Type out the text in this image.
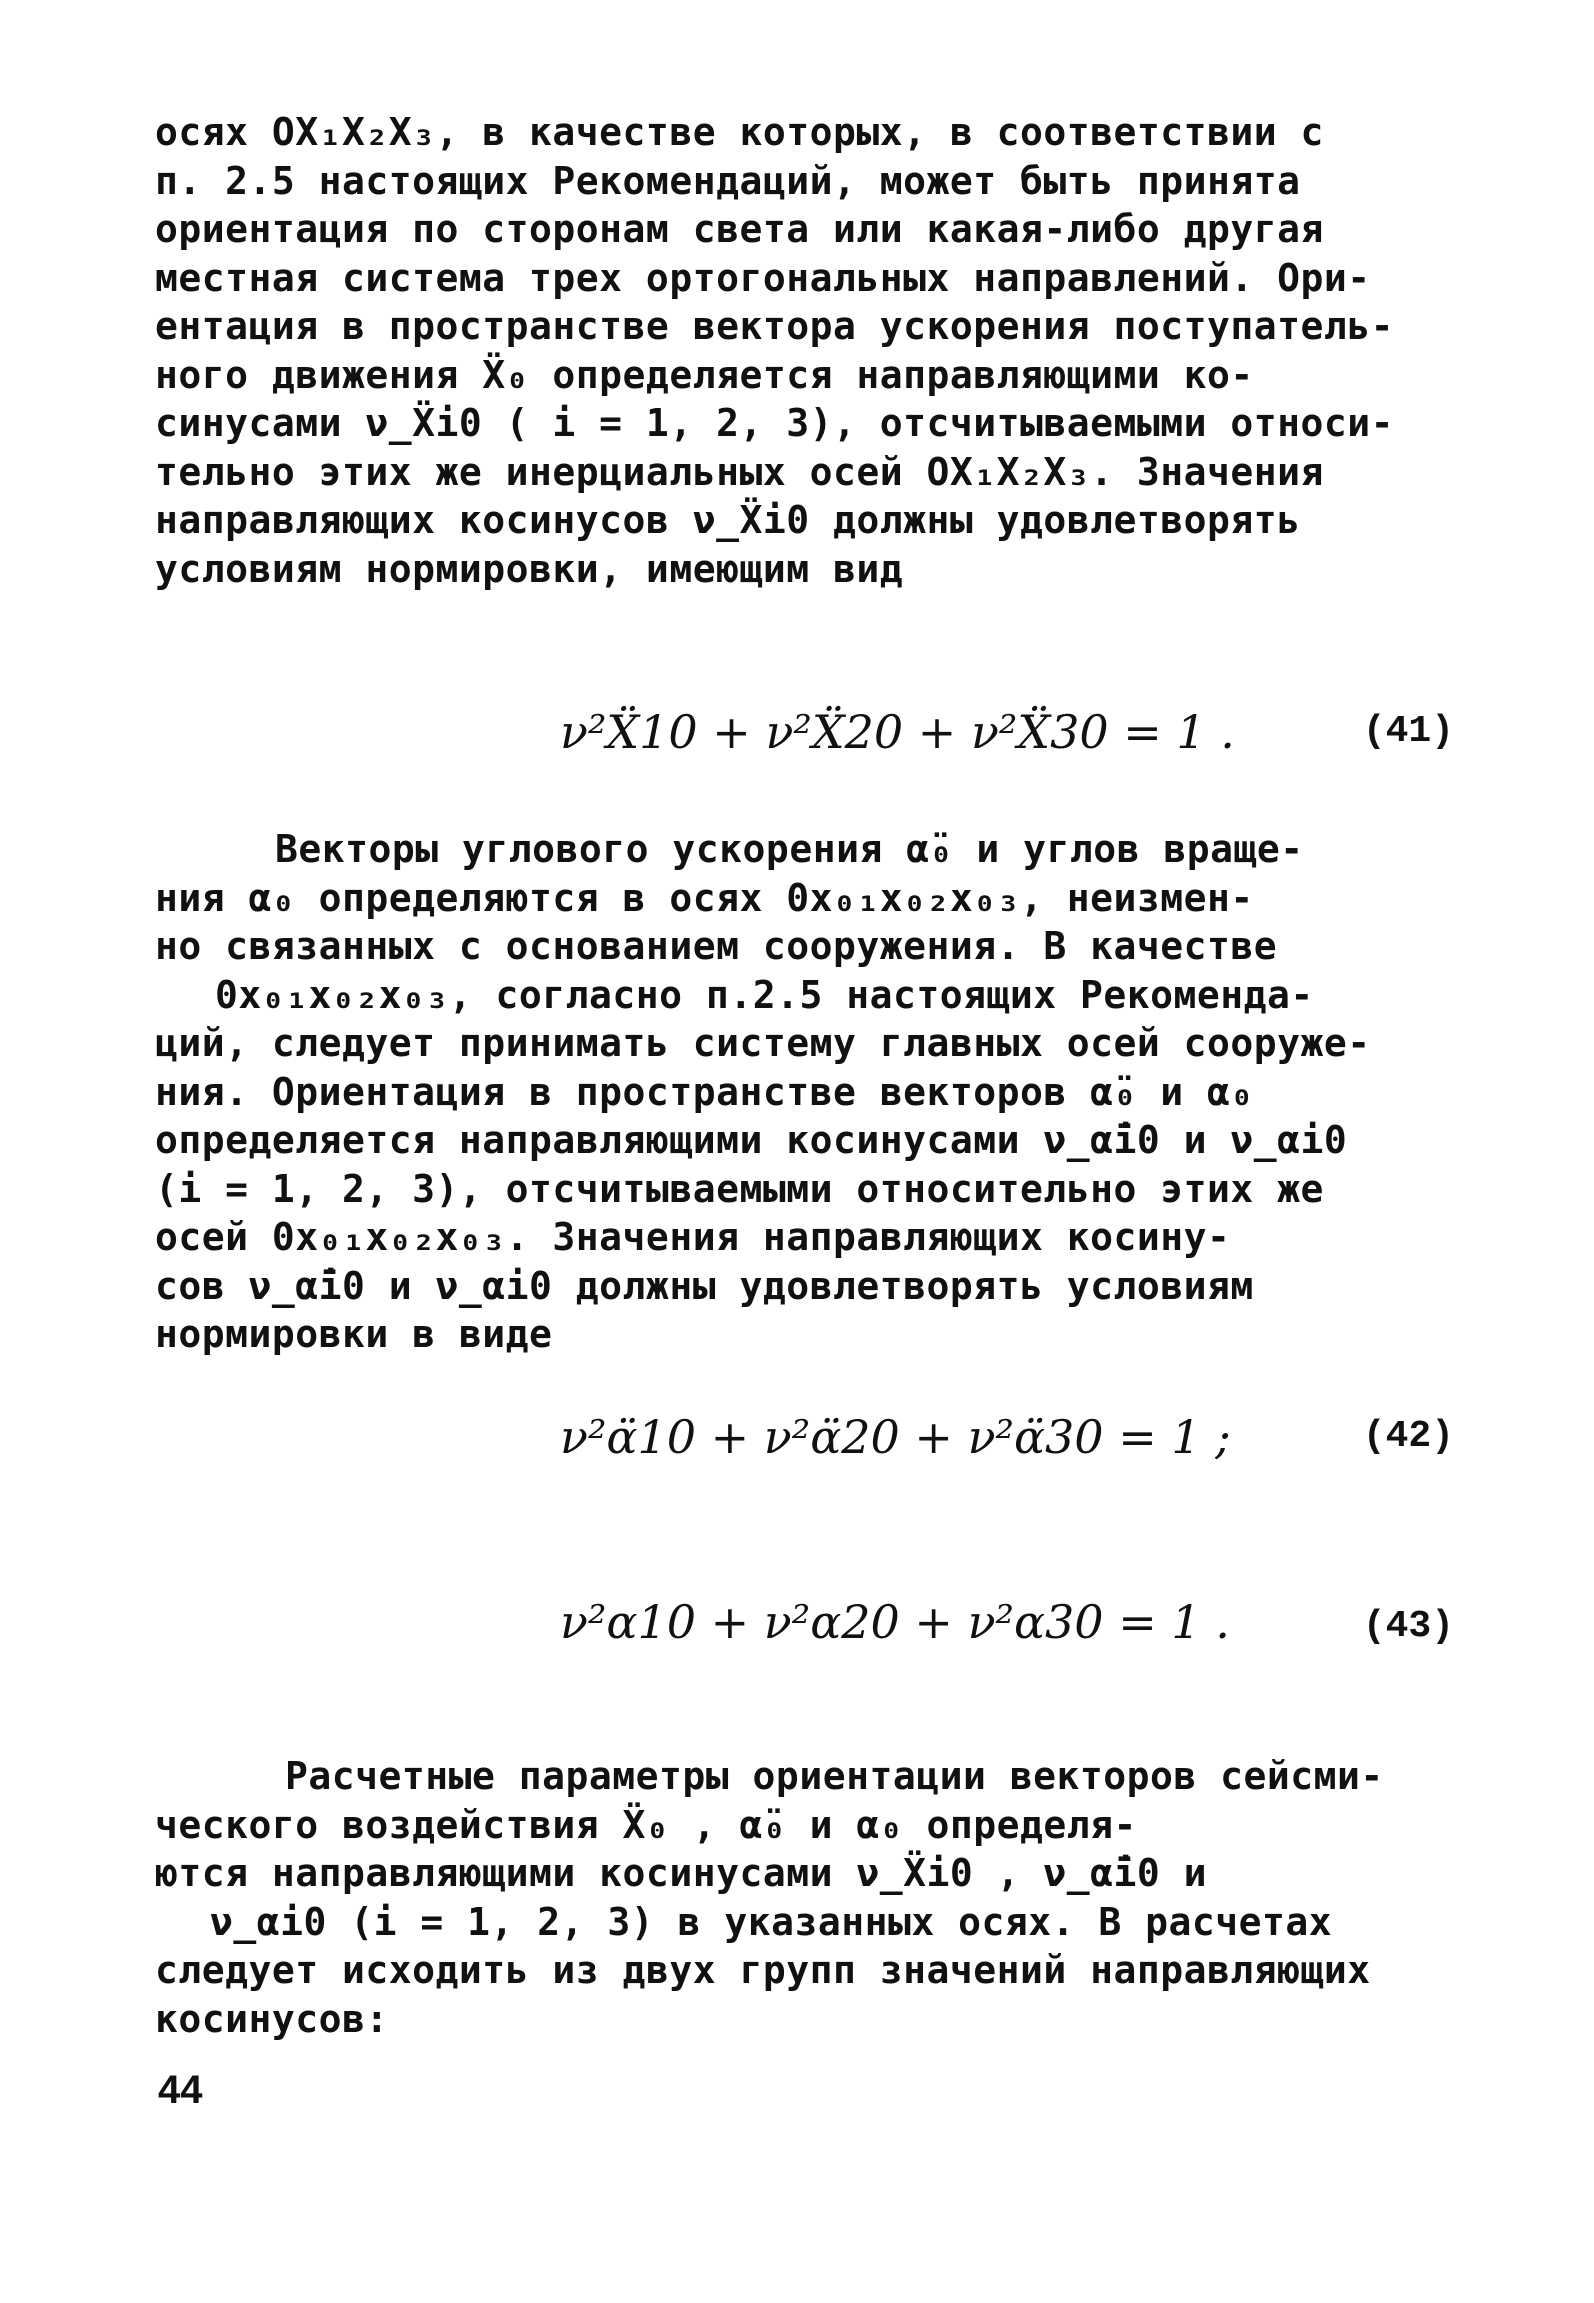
осях OX₁X₂X₃, в качестве которых, в соответствии с
п. 2.5 настоящих Рекомендаций, может быть принята
ориентация по сторонам света или какая-либо другая
местная система трех ортогональных направлений. Ори-
ентация в пространстве вектора ускорения поступатель-
ного движения Ẍ₀ определяется направляющими ко-
синусами ν_Ẍi0 ( i = 1, 2, 3), отсчитываемыми относи-
тельно этих же инерциальных осей OX₁X₂X₃. Значения
направляющих косинусов ν_Ẍi0 должны удовлетворять
условиям нормировки, имеющим вид
ν²Ẍ10 + ν²Ẍ20 + ν²Ẍ30 = 1 .	(41)
Векторы углового ускорения α̈₀ и углов враще-
ния α₀ определяются в осях 0x₀₁x₀₂x₀₃, неизмен-
но связанных с основанием сооружения. В качестве
0x₀₁x₀₂x₀₃, согласно п.2.5 настоящих Рекоменда-
ций, следует принимать систему главных осей сооруже-
ния. Ориентация в пространстве векторов α̈₀ и α₀
определяется направляющими косинусами ν_α̈i0 и ν_αi0
(i = 1, 2, 3), отсчитываемыми относительно этих же
осей 0x₀₁x₀₂x₀₃. Значения направляющих косину-
сов ν_α̈i0 и ν_αi0 должны удовлетворять условиям
нормировки в виде
ν²α̈10 + ν²α̈20 + ν²α̈30 = 1 ;	(42)
ν²α10 + ν²α20 + ν²α30 = 1 .	(43)
Расчетные параметры ориентации векторов сейсми-
ческого воздействия Ẍ₀ , α̈₀ и α₀ определя-
ются направляющими косинусами ν_Ẍi0 , ν_α̈i0 и
ν_αi0 (i = 1, 2, 3) в указанных осях. В расчетах
следует исходить из двух групп значений направляющих
косинусов:
44
